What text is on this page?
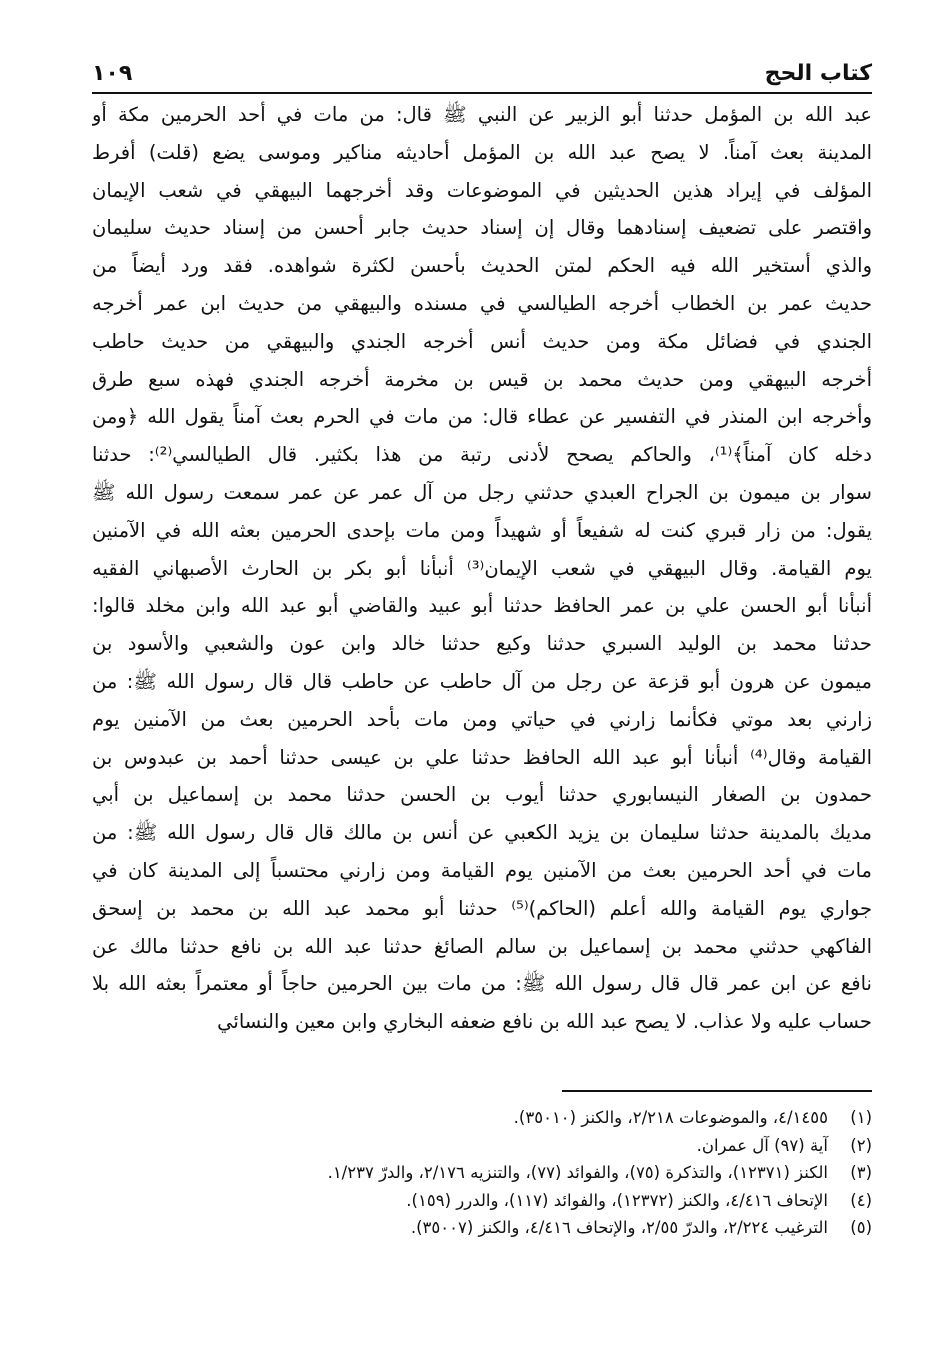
كتاب الحج
١٠٩
عبد الله بن المؤمل حدثنا أبو الزبير عن النبي ﷺ قال: من مات في أحد الحرمين مكة أو
المدينة بعث آمناً. لا يصح عبد الله بن المؤمل أحاديثه مناكير وموسى يضع (قلت) أفرط
المؤلف في إيراد هذين الحديثين في الموضوعات وقد أخرجهما البيهقي في شعب الإيمان
واقتصر على تضعيف إسنادهما وقال إن إسناد حديث جابر أحسن من إسناد حديث سليمان
والذي أستخير الله فيه الحكم لمتن الحديث بأحسن لكثرة شواهده. فقد ورد أيضاً من
حديث عمر بن الخطاب أخرجه الطيالسي في مسنده والبيهقي من حديث ابن عمر أخرجه
الجندي في فضائل مكة ومن حديث أنس أخرجه الجندي والبيهقي من حديث حاطب
أخرجه البيهقي ومن حديث محمد بن قيس بن مخرمة أخرجه الجندي فهذه سبع طرق
وأخرجه ابن المنذر في التفسير عن عطاء قال: من مات في الحرم بعث آمناً يقول الله ﴿ومن
دخله كان آمناً﴾⁽¹⁾، والحاكم يصحح لأدنى رتبة من هذا بكثير. قال الطيالسي⁽²⁾: حدثنا
سوار بن ميمون بن الجراح العبدي حدثني رجل من آل عمر عن عمر سمعت رسول الله ﷺ
يقول: من زار قبري كنت له شفيعاً أو شهيداً ومن مات بإحدى الحرمين بعثه الله في الآمنين
يوم القيامة. وقال البيهقي في شعب الإيمان⁽³⁾ أنبأنا أبو بكر بن الحارث الأصبهاني الفقيه
أنبأنا أبو الحسن علي بن عمر الحافظ حدثنا أبو عبيد والقاضي أبو عبد الله وابن مخلد قالوا:
حدثنا محمد بن الوليد السبري حدثنا وكيع حدثنا خالد وابن عون والشعبي والأسود بن
ميمون عن هرون أبو قزعة عن رجل من آل حاطب عن حاطب قال قال رسول الله ﷺ: من
زارني بعد موتي فكأنما زارني في حياتي ومن مات بأحد الحرمين بعث من الآمنين يوم
القيامة وقال⁽⁴⁾ أنبأنا أبو عبد الله الحافظ حدثنا علي بن عيسى حدثنا أحمد بن عبدوس بن
حمدون بن الصغار النيسابوري حدثنا أيوب بن الحسن حدثنا محمد بن إسماعيل بن أبي
مديك بالمدينة حدثنا سليمان بن يزيد الكعبي عن أنس بن مالك قال قال رسول الله ﷺ: من
مات في أحد الحرمين بعث من الآمنين يوم القيامة ومن زارني محتسباً إلى المدينة كان في
جواري يوم القيامة والله أعلم (الحاكم)⁽⁵⁾ حدثنا أبو محمد عبد الله بن محمد بن إسحق
الفاكهي حدثني محمد بن إسماعيل بن سالم الصائغ حدثنا عبد الله بن نافع حدثنا مالك عن
نافع عن ابن عمر قال قال رسول الله ﷺ: من مات بين الحرمين حاجاً أو معتمراً بعثه الله بلا
حساب عليه ولا عذاب. لا يصح عبد الله بن نافع ضعفه البخاري وابن معين والنسائي
(١)
٤/١٤٥٥، والموضوعات ٢/٢١٨، والكنز (٣٥٠١٠).
(٢)
آية (٩٧) آل عمران.
(٣)
الكنز (١٢٣٧١)، والتذكرة (٧٥)، والفوائد (٧٧)، والتنزيه ٢/١٧٦، والدرّ ١/٢٣٧.
(٤)
الإتحاف ٤/٤١٦، والكنز (١٢٣٧٢)، والفوائد (١١٧)، والدرر (١٥٩).
(٥)
الترغيب ٢/٢٢٤، والدرّ ٢/٥٥، والإتحاف ٤/٤١٦، والكنز (٣٥٠٠٧).
